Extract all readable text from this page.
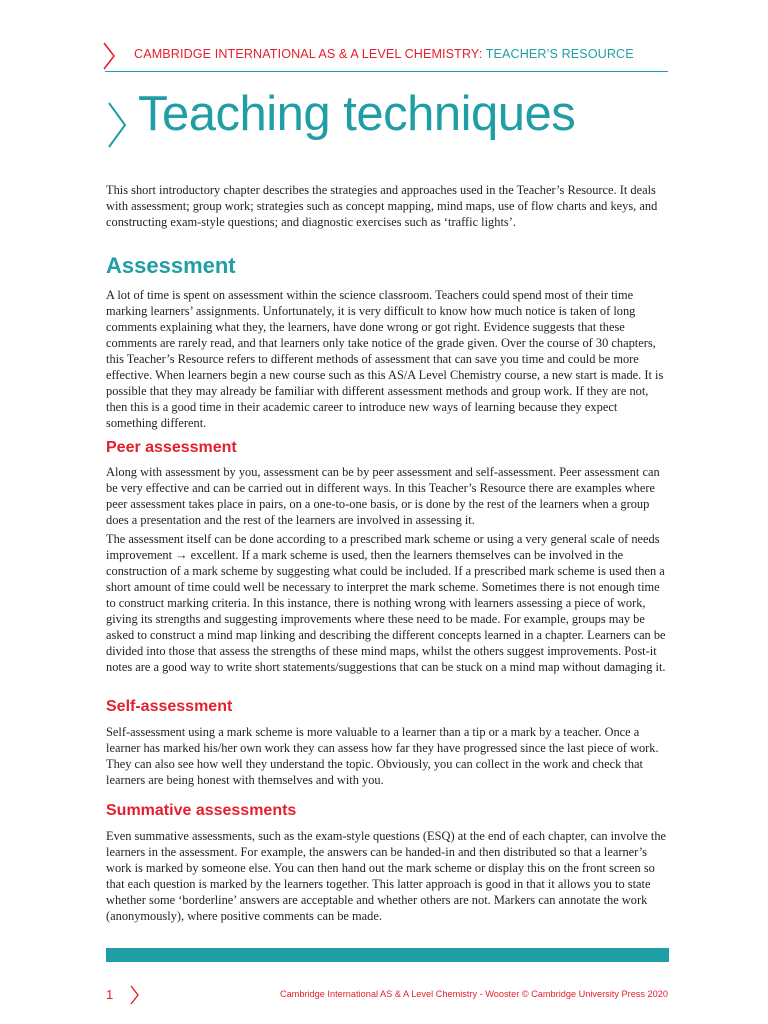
CAMBRIDGE INTERNATIONAL AS & A LEVEL CHEMISTRY: TEACHER’S RESOURCE
Teaching techniques

This short introductory chapter describes the strategies and approaches used in the Teacher’s Resource. It deals with assessment; group work; strategies such as concept mapping, mind maps, use of flow charts and keys, and constructing exam-style questions; and diagnostic exercises such as ‘traffic lights’.

Assessment

A lot of time is spent on assessment within the science classroom. Teachers could spend most of their time marking learners’ assignments. Unfortunately, it is very difficult to know how much notice is taken of long comments explaining what they, the learners, have done wrong or got right. Evidence suggests that these comments are rarely read, and that learners only take notice of the grade given. Over the course of 30 chapters, this Teacher’s Resource refers to different methods of assessment that can save you time and could be more effective. When learners begin a new course such as this AS/A Level Chemistry course, a new start is made. It is possible that they may already be familiar with different assessment methods and group work. If they are not, then this is a good time in their academic career to introduce new ways of learning because they expect something different.

Peer assessment

Along with assessment by you, assessment can be by peer assessment and self-assessment. Peer assessment can be very effective and can be carried out in different ways. In this Teacher’s Resource there are examples where peer assessment takes place in pairs, on a one-to-one basis, or is done by the rest of the learners when a group does a presentation and the rest of the learners are involved in assessing it.

The assessment itself can be done according to a prescribed mark scheme or using a very general scale of needs improvement → excellent. If a mark scheme is used, then the learners themselves can be involved in the construction of a mark scheme by suggesting what could be included. If a prescribed mark scheme is used then a short amount of time could well be necessary to interpret the mark scheme. Sometimes there is not enough time to construct marking criteria. In this instance, there is nothing wrong with learners assessing a piece of work, giving its strengths and suggesting improvements where these need to be made. For example, groups may be asked to construct a mind map linking and describing the different concepts learned in a chapter. Learners can be divided into those that assess the strengths of these mind maps, whilst the others suggest improvements. Post-it notes are a good way to write short statements/suggestions that can be stuck on a mind map without damaging it.

Self-assessment

Self-assessment using a mark scheme is more valuable to a learner than a tip or a mark by a teacher. Once a learner has marked his/her own work they can assess how far they have progressed since the last piece of work. They can also see how well they understand the topic. Obviously, you can collect in the work and check that learners are being honest with themselves and with you.

Summative assessments

Even summative assessments, such as the exam-style questions (ESQ) at the end of each chapter, can involve the learners in the assessment. For example, the answers can be handed-in and then distributed so that a learner’s work is marked by someone else. You can then hand out the mark scheme or display this on the front screen so that each question is marked by the learners together. This latter approach is good in that it allows you to state whether some ‘borderline’ answers are acceptable and whether others are not. Markers can annotate the work (anonymously), where positive comments can be made.

1	Cambridge International AS & A Level Chemistry - Wooster © Cambridge University Press 2020
